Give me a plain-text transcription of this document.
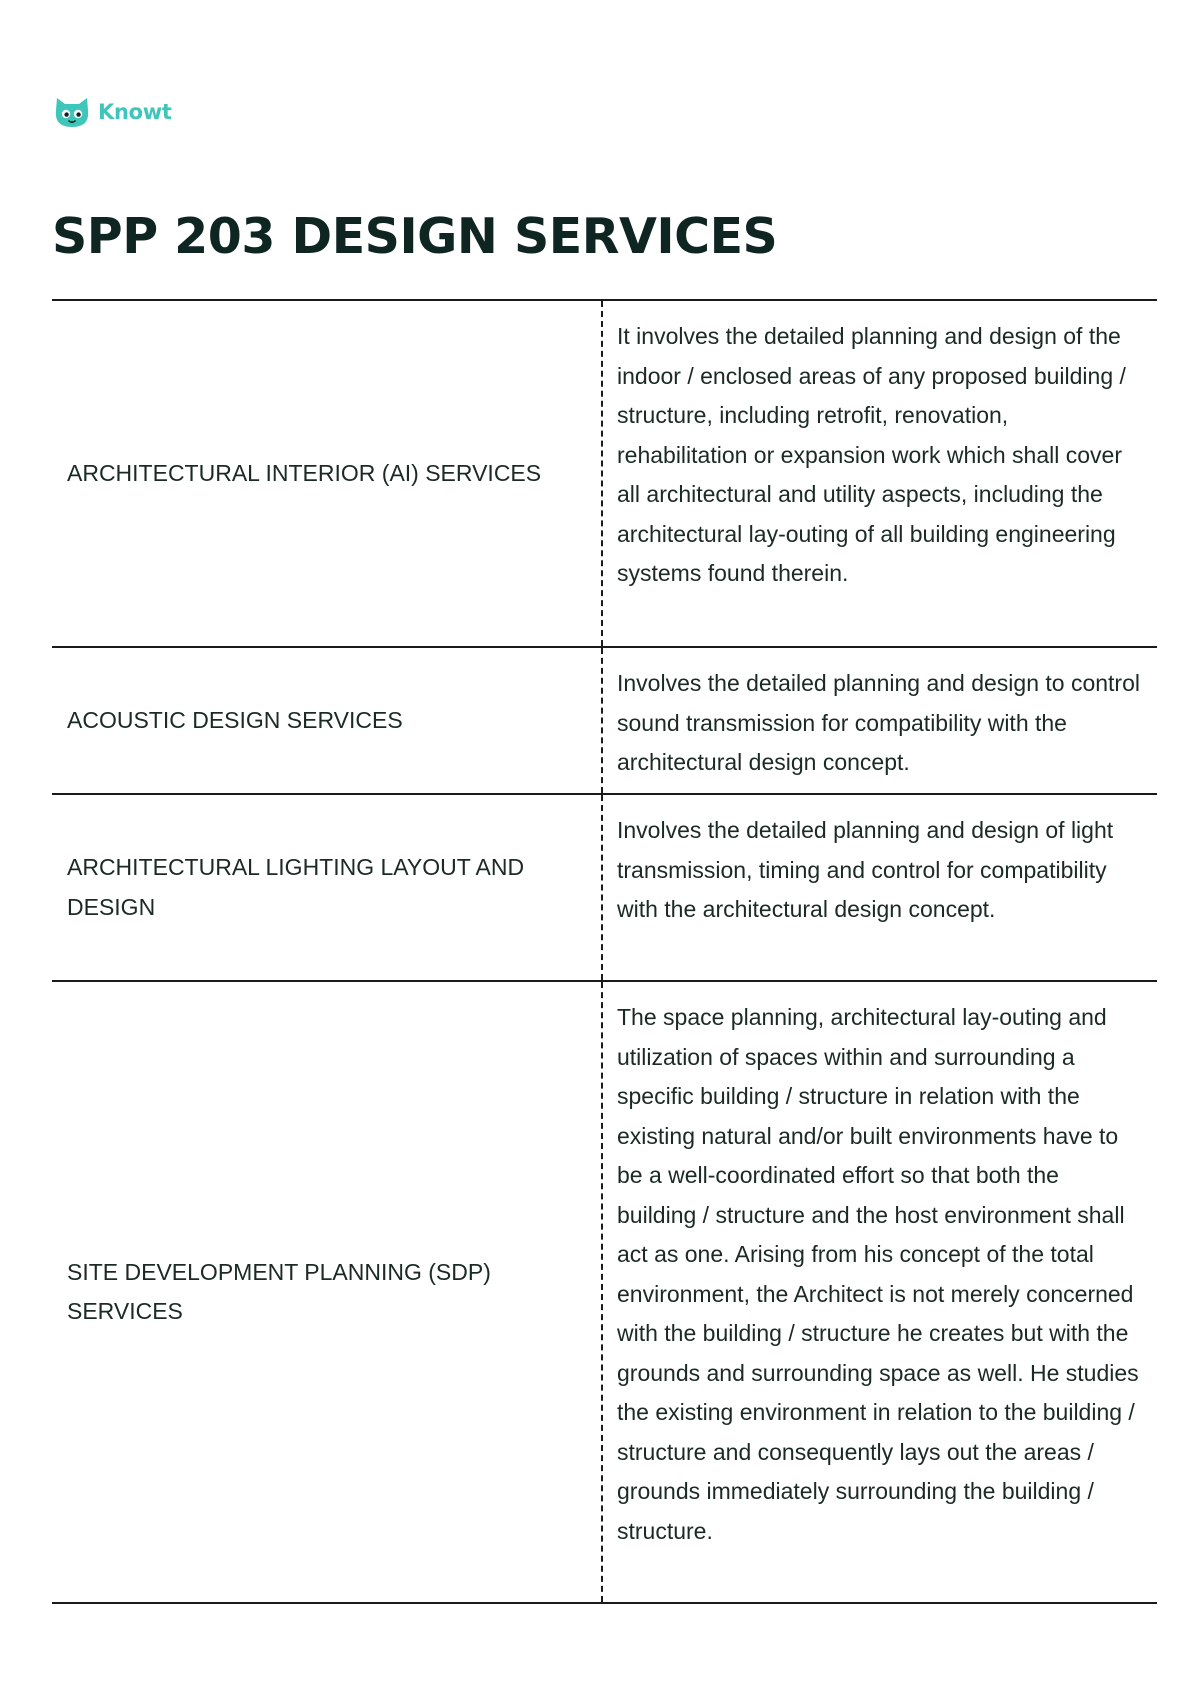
Knowt
SPP 203 DESIGN SERVICES
ARCHITECTURAL INTERIOR (AI) SERVICES
It involves the detailed planning and design of the indoor / enclosed areas of any proposed building / structure, including retrofit, renovation, rehabilitation or expansion work which shall cover all architectural and utility aspects, including the architectural lay-outing of all building engineering systems found therein.
ACOUSTIC DESIGN SERVICES
Involves the detailed planning and design to control sound transmission for compatibility with the architectural design concept.
ARCHITECTURAL LIGHTING LAYOUT AND DESIGN
Involves the detailed planning and design of light transmission, timing and control for compatibility with the architectural design concept.
SITE DEVELOPMENT PLANNING (SDP) SERVICES
The space planning, architectural lay-outing and utilization of spaces within and surrounding a specific building / structure in relation with the existing natural and/or built environments have to be a well-coordinated effort so that both the building / structure and the host environment shall act as one. Arising from his concept of the total environment, the Architect is not merely concerned with the building / structure he creates but with the grounds and surrounding space as well. He studies the existing environment in relation to the building / structure and consequently lays out the areas / grounds immediately surrounding the building / structure.
